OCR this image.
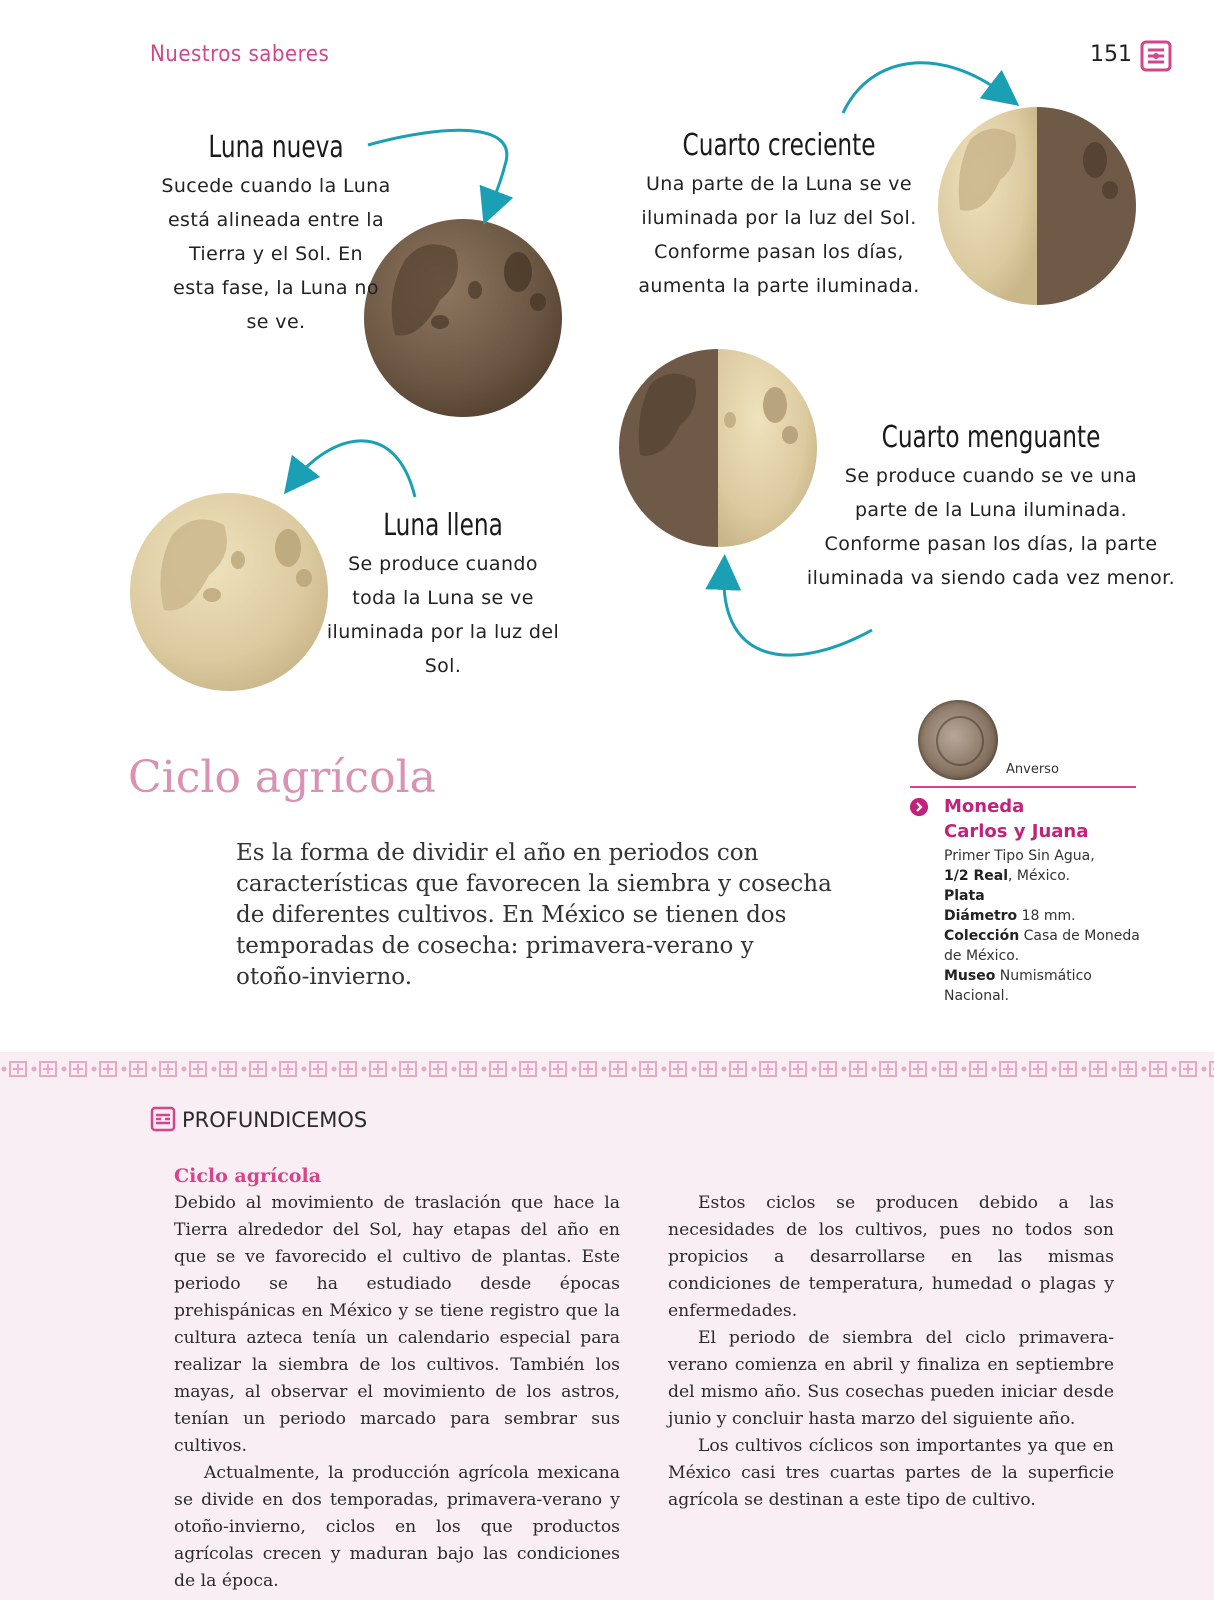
Nuestros saberes	151
Luna nueva
Sucede cuando la Luna
está alineada entre la
Tierra y el Sol. En
esta fase, la Luna no
se ve.
Cuarto creciente
Una parte de la Luna se ve
iluminada por la luz del Sol.
Conforme pasan los días,
aumenta la parte iluminada.
Cuarto menguante
Se produce cuando se ve una
parte de la Luna iluminada.
Conforme pasan los días, la parte
iluminada va siendo cada vez menor.
Luna llena
Se produce cuando
toda la Luna se ve
iluminada por la luz del
Sol.
Ciclo agrícola
Es la forma de dividir el año en periodos con
características que favorecen la siembra y cosecha
de diferentes cultivos. En México se tienen dos
temporadas de cosecha: primavera-verano y
otoño-invierno.
Anverso
Moneda
Carlos y Juana
Primer Tipo Sin Agua,
1/2 Real, México.
Plata
Diámetro 18 mm.
Colección Casa de Moneda de México.
Museo Numismático Nacional.
PROFUNDICEMOS
Ciclo agrícola

Debido al movimiento de traslación que hace la Tierra alrededor del Sol, hay etapas del año en que se ve favorecido el cultivo de plantas. Este periodo se ha estudiado desde épocas prehispánicas en México y se tiene registro que la cultura azteca tenía un calendario especial para realizar la siembra de los cultivos. También los mayas, al observar el movimiento de los astros, tenían un periodo marcado para sembrar sus cultivos.

Actualmente, la producción agrícola mexicana se divide en dos temporadas, primavera-verano y otoño-invierno, ciclos en los que productos agrícolas crecen y maduran bajo las condiciones de la época.

Estos ciclos se producen debido a las necesidades de los cultivos, pues no todos son propicios a desarrollarse en las mismas condiciones de temperatura, humedad o plagas y enfermedades.

El periodo de siembra del ciclo primavera-verano comienza en abril y finaliza en septiembre del mismo año. Sus cosechas pueden iniciar desde junio y concluir hasta marzo del siguiente año.

Los cultivos cíclicos son importantes ya que en México casi tres cuartas partes de la superficie agrícola se destinan a este tipo de cultivo.
